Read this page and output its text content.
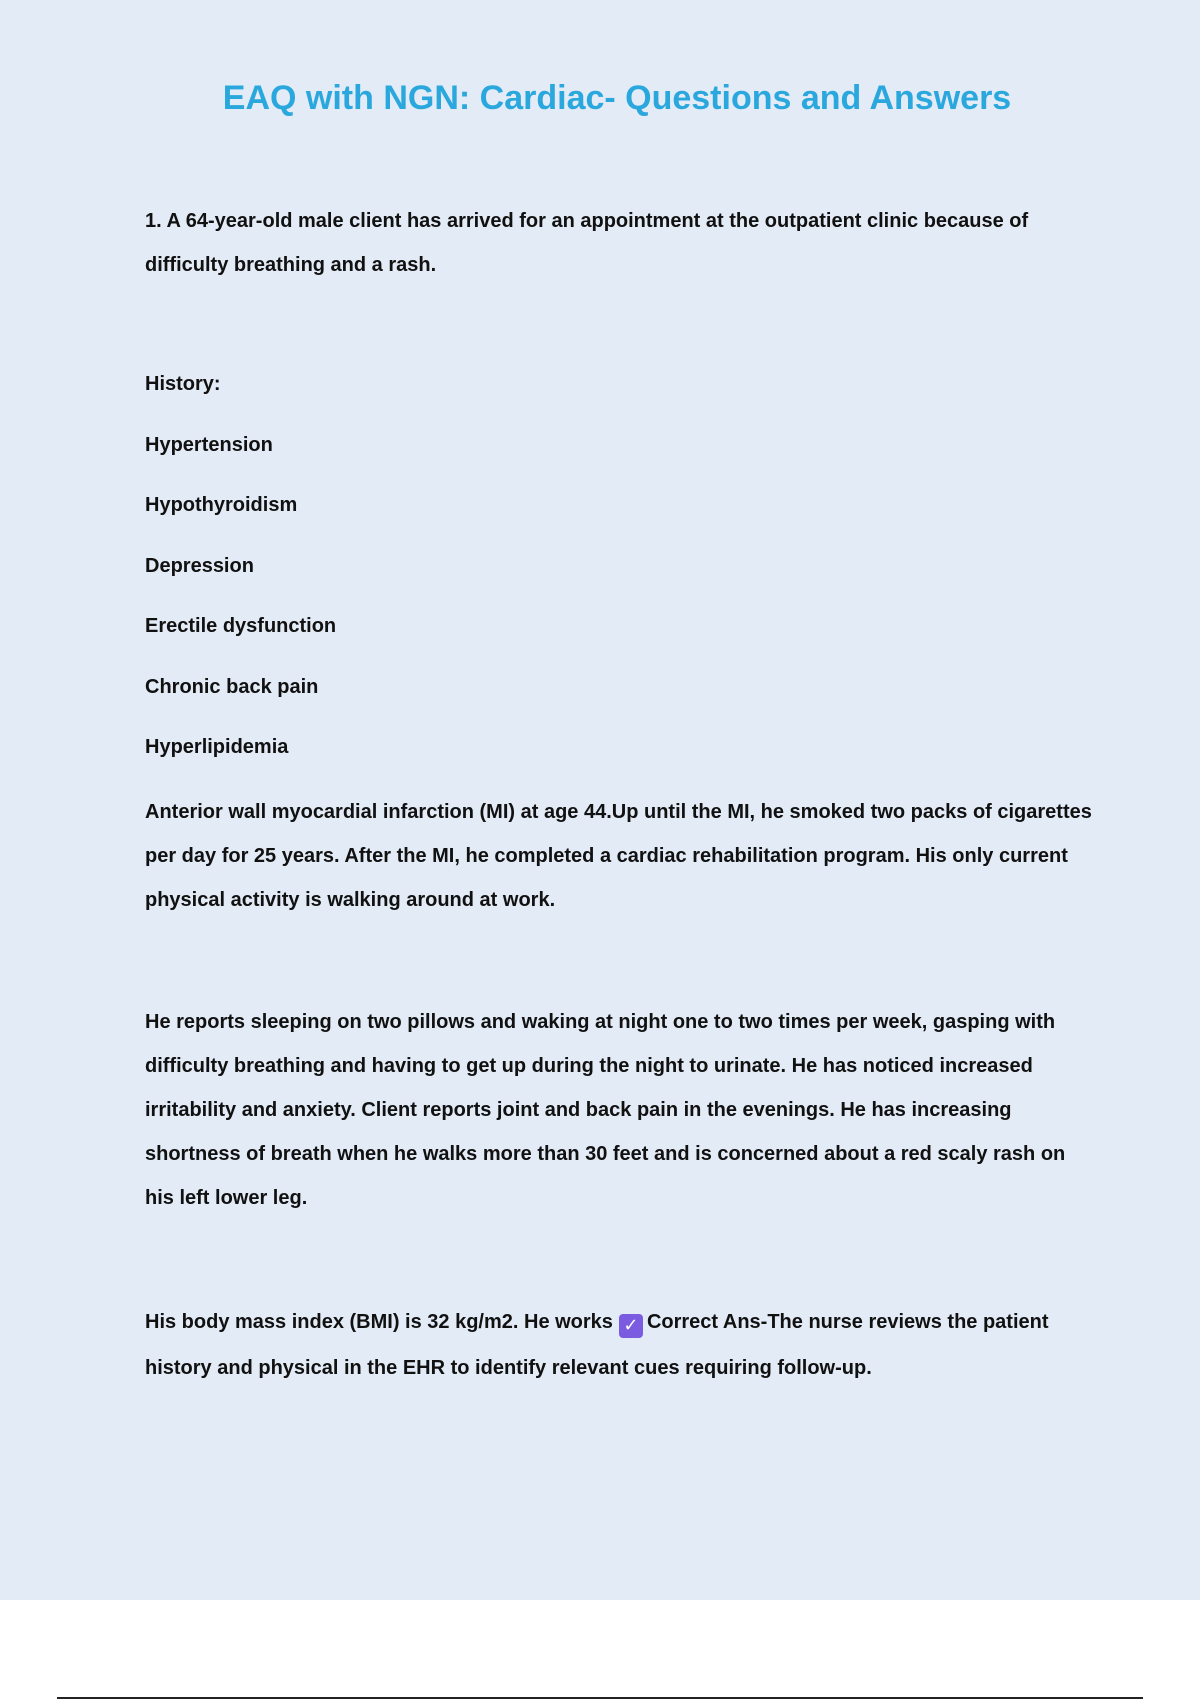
EAQ with NGN: Cardiac- Questions and Answers

1. A 64-year-old male client has arrived for an appointment at the outpatient clinic because of difficulty breathing and a rash.

History:
Hypertension
Hypothyroidism
Depression
Erectile dysfunction
Chronic back pain
Hyperlipidemia

Anterior wall myocardial infarction (MI) at age 44.Up until the MI, he smoked two packs of cigarettes per day for 25 years. After the MI, he completed a cardiac rehabilitation program. His only current physical activity is walking around at work.

He reports sleeping on two pillows and waking at night one to two times per week, gasping with difficulty breathing and having to get up during the night to urinate. He has noticed increased irritability and anxiety. Client reports joint and back pain in the evenings. He has increasing shortness of breath when he walks more than 30 feet and is concerned about a red scaly rash on his left lower leg.

His body mass index (BMI) is 32 kg/m2. He works ✓ Correct Ans-The nurse reviews the patient history and physical in the EHR to identify relevant cues requiring follow-up.
